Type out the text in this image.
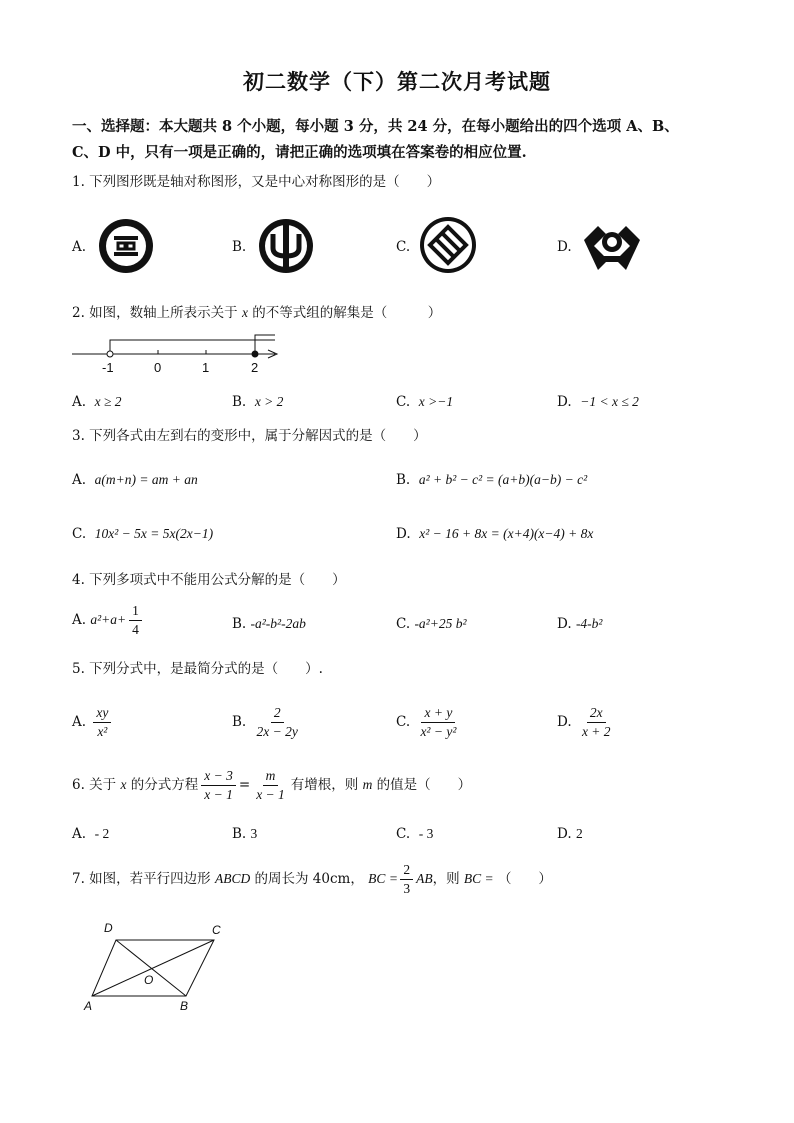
初二数学（下）第二次月考试题
一、选择题：本大题共 8 个小题，每小题 3 分，共 24 分，在每小题给出的四个选项 A、B、
C、D 中，只有一项是正确的，请把正确的选项填在答案卷的相应位置.
1. 下列图形既是轴对称图形，又是中心对称图形的是（　　）
A.	B.	C.	D.
2. 如图，数轴上所表示关于 x 的不等式组的解集是（　　　）
-1	0	1	2
A. x ≥ 2	B. x > 2	C. x >−1	D. −1 < x ≤ 2
3. 下列各式由左到右的变形中，属于分解因式的是（　　）
A. a(m+n) = am + an	B. a² + b² − c² = (a+b)(a−b) − c²
C. 10x² − 5x = 5x(2x−1)	D. x² − 16 + 8x = (x+4)(x−4) + 8x
4. 下列多项式中不能用公式分解的是（　　）
A. $a^2+a+ \frac{1}{4}$	B. -a²-b²-2ab	C. -a²+25 b²	D. -4-b²
5. 下列分式中，是最简分式的是（　　）.
A. $\frac{xy}{\text{x²}}$	B. $\frac{2}{2x - 2y}$	C. $\frac{x + y}{\text{x² − y²}}$	D. $\frac{2x}{x + 2}$
6. 关于 x 的分式方程 $\frac{x - 3}{x - 1} = \frac{m}{x - 1}$ 有增根，则 m 的值是（　　）
A. - 2	B. 3	C. - 3	D. 2
7. 如图，若平行四边形 ABCD 的周长为 40cm， BC = $\frac{2}{3}$ AB，则 BC = （　　）
D	C
O
A	B
